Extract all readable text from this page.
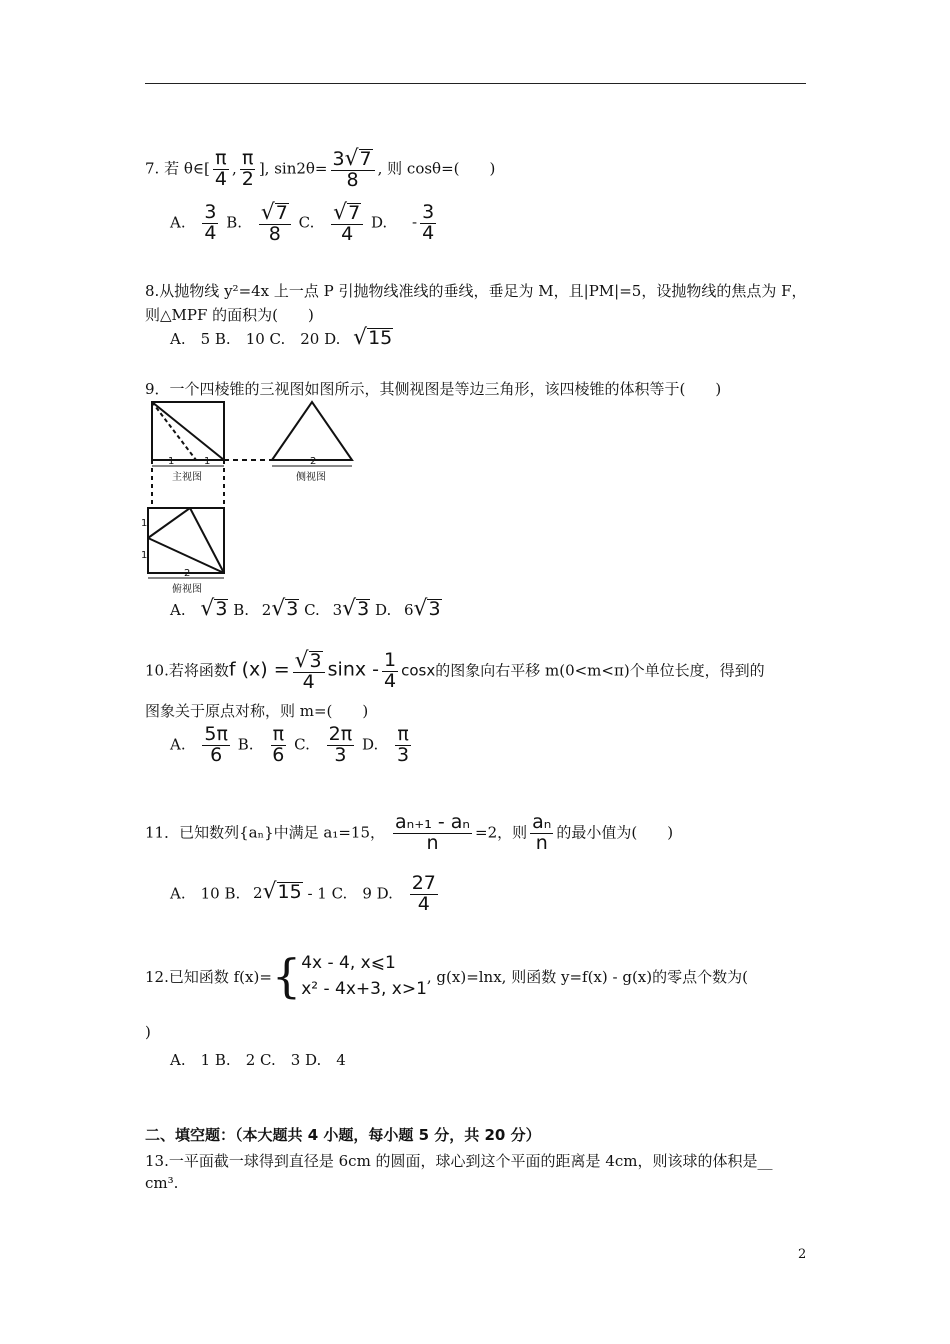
7. 若 θ∈[ $\frac{\pi}{4}$ , $\frac{\pi}{2}$ ], $\sin 2\theta= \frac{3 √ 7}{8}$ , 则 cosθ=(　　)
A. $\frac{3}{4} B$. $\frac{√ 7}{8} C$. $\frac{√ 7}{4} D$. - $\frac{3}{4}$
8.从抛物线 y²=4x 上一点 P 引抛物线准线的垂线，垂足为 M，且|PM|=5，设抛物线的焦点为 F，
则△MPF 的面积为(　　)
A.　5 B.　10 C.　20 D. √ 15
9．一个四棱锥的三视图如图所示，其侧视图是等边三角形，该四棱锥的体积等于(　　)
1	1	2
2
1
1
主视图	侧视图
俯视图
A. √ 3 B. 2 √ 3 C. 3 √ 3 D. 6 √ 3
10.若将函数f $(x) = \frac{√ 3}{4}$ sinx - $\frac{1}{4}$ cosx的图象向右平移 m(0<m<π)个单位长度，得到的
图象关于原点对称，则 m=(　　)
A. $\frac{5\pi}{6} B$. $\frac{\pi}{6} C$. $\frac{2\pi}{3} D$. $\frac{\pi}{3}$
11．已知数列{aₙ}中满足 a₁=15， $\frac{\text{aₙ₊₁ - aₙ}}{n} =2$，则 $\frac{\text{aₙ}}{n}$ 的最小值为(　　)
A.　10 B. 2 √ 15 - 1 C.　9 D. $\frac{27}{4}$
12.已知函数 f(x)= { 4x - 4, x⩽1
x² - 4x+3, x>1
, g(x)=lnx, 则函数 y=f(x) - g(x)的零点个数为(
)
A.　1 B.　2 C.　3 D.　4
二、填空题：（本大题共 4 小题，每小题 5 分，共 20 分）
13.一平面截一球得到直径是 6cm 的圆面，球心到这个平面的距离是 4cm，则该球的体积是__
cm³.
2
